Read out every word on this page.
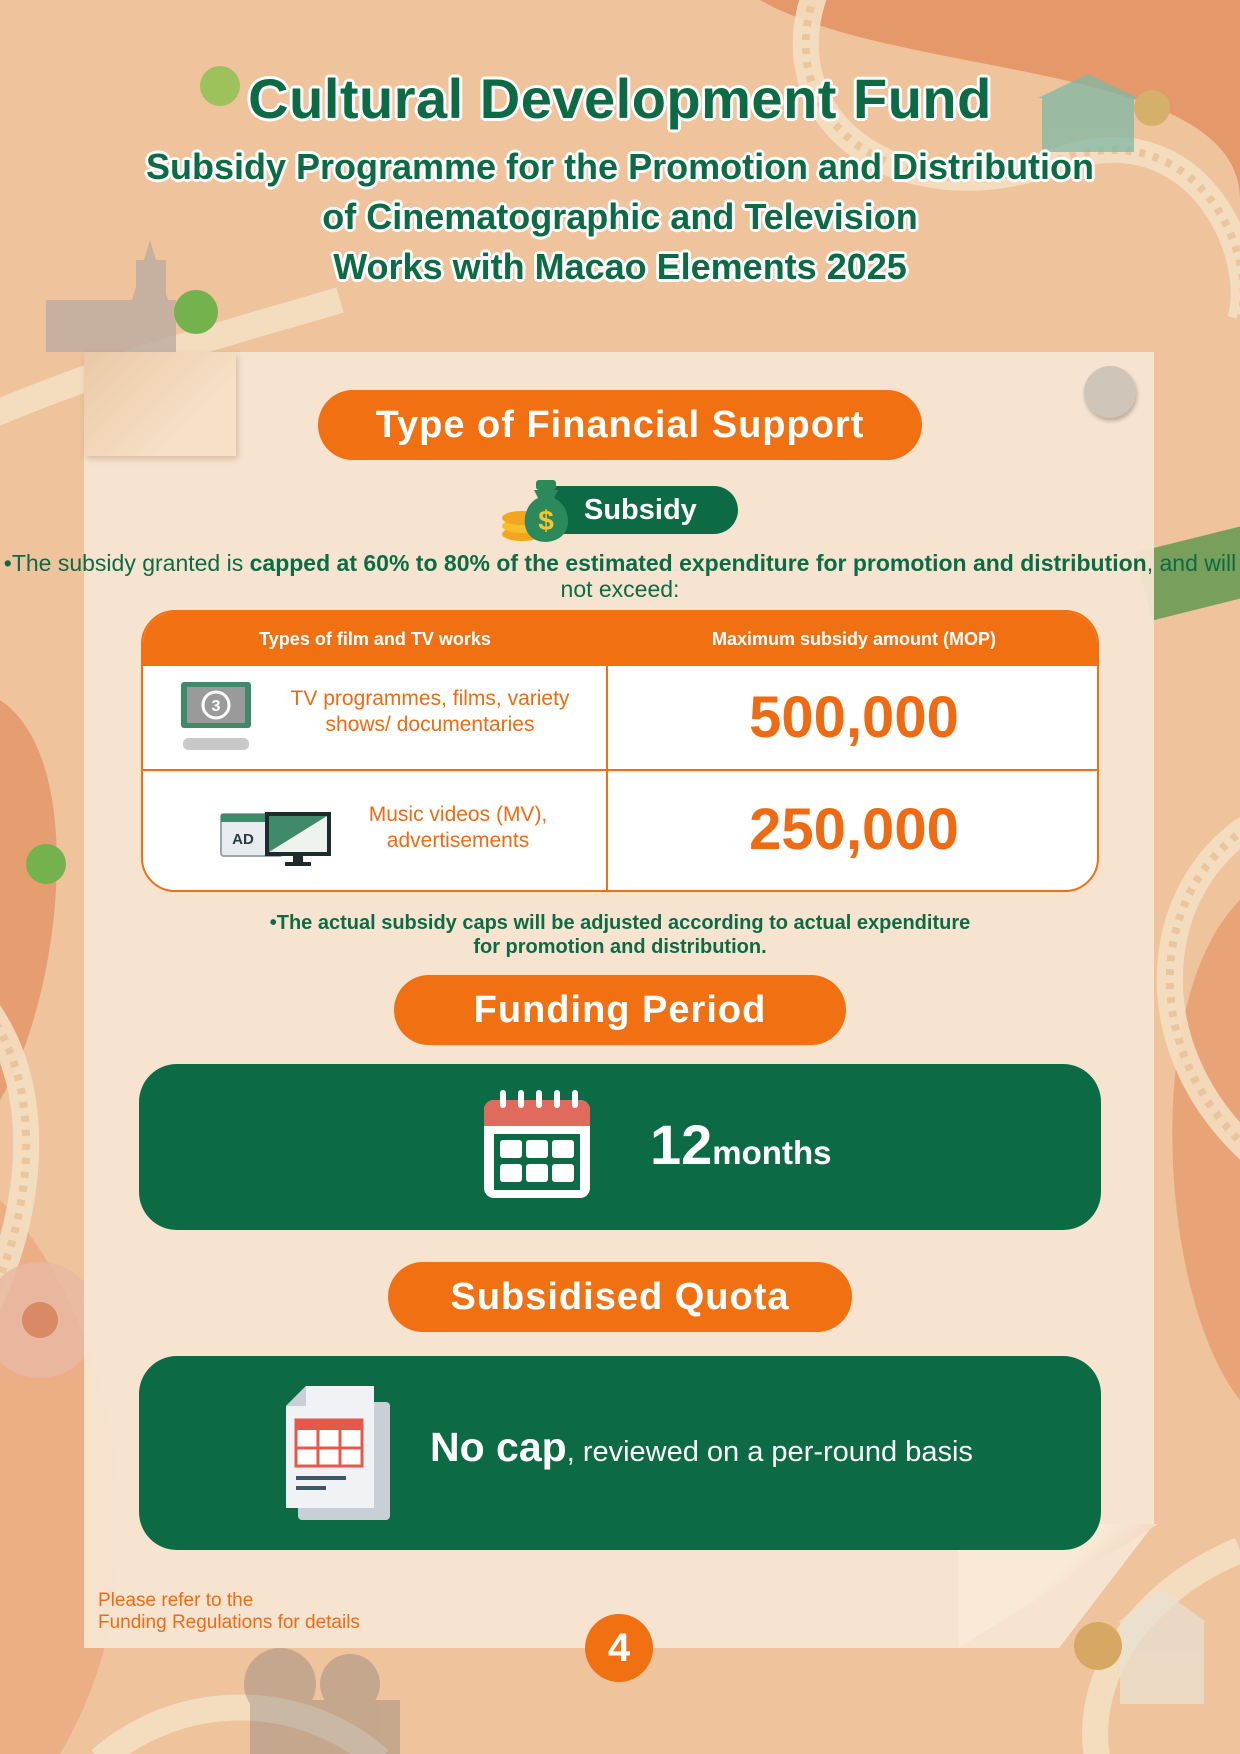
Cultural Development Fund
Subsidy Programme for the Promotion and Distribution
of Cinematographic and Television
Works with Macao Elements 2025
Type of Financial Support
Subsidy
$
•The subsidy granted is capped at 60% to 80% of the estimated expenditure for promotion and distribution, and will not exceed:
Types of film and TV works	Maximum subsidy amount (MOP)
3	TV programmes, films, variety shows/ documentaries	500,000
AD
Music videos (MV), advertisements	250,000
•The actual subsidy caps will be adjusted according to actual expenditure
for promotion and distribution.
Funding Period
12months
Subsidised Quota
No cap, reviewed on a per-round basis
Please refer to the
Funding Regulations for details
4
